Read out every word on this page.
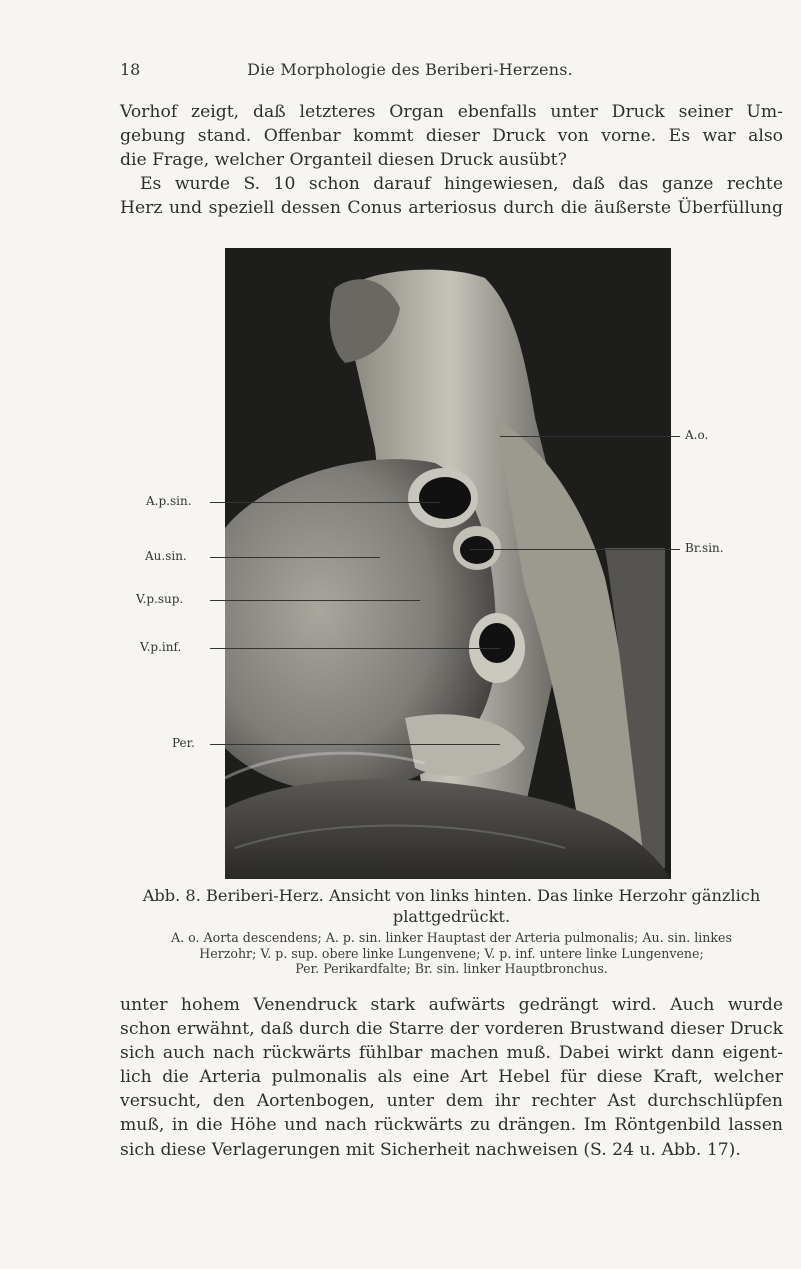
18	Die Morphologie des Beriberi-Herzens.

Vorhof zeigt, daß letzteres Organ ebenfalls unter Druck seiner Um-
gebung stand. Offenbar kommt dieser Druck von vorne. Es war also
die Frage, welcher Organteil diesen Druck ausübt?
Es wurde S. 10 schon darauf hingewiesen, daß das ganze rechte
Herz und speziell dessen Conus arteriosus durch die äußerste Überfüllung

A.o.
A.p.sin.
Br.sin.
Au.sin.
V.p.sup.
V.p.inf.
Per.
Abb. 8. Beriberi-Herz. Ansicht von links hinten. Das linke Herzohr gänzlich
plattgedrückt.
A. o. Aorta descendens; A. p. sin. linker Hauptast der Arteria pulmonalis; Au. sin. linkes
Herzohr; V. p. sup. obere linke Lungenvene; V. p. inf. untere linke Lungenvene;
Per. Perikardfalte; Br. sin. linker Hauptbronchus.

unter hohem Venendruck stark aufwärts gedrängt wird. Auch wurde
schon erwähnt, daß durch die Starre der vorderen Brustwand dieser Druck
sich auch nach rückwärts fühlbar machen muß. Dabei wirkt dann eigent-
lich die Arteria pulmonalis als eine Art Hebel für diese Kraft, welcher
versucht, den Aortenbogen, unter dem ihr rechter Ast durchschlüpfen
muß, in die Höhe und nach rückwärts zu drängen. Im Röntgenbild lassen
sich diese Verlagerungen mit Sicherheit nachweisen (S. 24 u. Abb. 17).
